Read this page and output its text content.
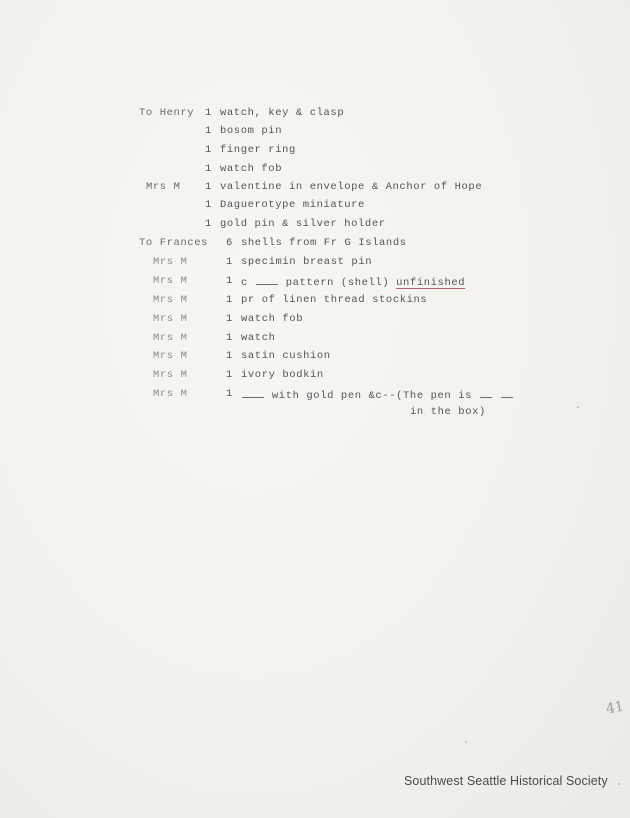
To Henry 1 watch, key & clasp
1 bosom pin
1 finger ring
1 watch fob
Mrs M 1 valentine in envelope & Anchor of Hope
1 Daguerotype miniature
1 gold pin & silver holder
To Frances 6 shells from Fr G Islands
Mrs M	1 specimin breast pin
Mrs M	1 c	pattern (shell) unfinished
Mrs M	1 pr of linen thread stockins
Mrs M	1 watch fob
Mrs M	1 watch
Mrs M	1 satin cushion
Mrs M	1 ivory bodkin
Mrs M	1	with gold pen &c--(The pen is
in the box)
41
Southwest Seattle Historical Society
